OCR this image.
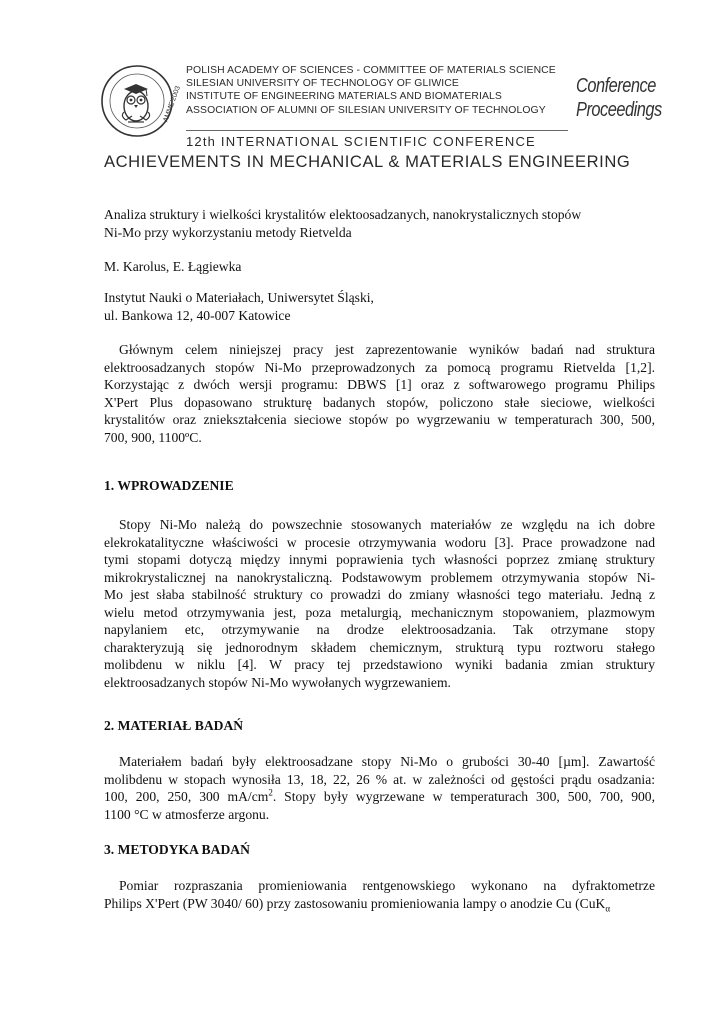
AMME'2003
POLISH ACADEMY OF SCIENCES - COMMITTEE OF MATERIALS SCIENCE
SILESIAN UNIVERSITY OF TECHNOLOGY OF GLIWICE
INSTITUTE OF ENGINEERING MATERIALS AND BIOMATERIALS
ASSOCIATION OF ALUMNI OF SILESIAN UNIVERSITY OF TECHNOLOGY
Conference
Proceedings
12th INTERNATIONAL SCIENTIFIC CONFERENCE
ACHIEVEMENTS IN MECHANICAL & MATERIALS ENGINEERING
Analiza struktury i wielkości krystalitów elektoosadzanych, nanokrystalicznych stopów
Ni-Mo przy wykorzystaniu metody Rietvelda
M. Karolus, E. Łągiewka
Instytut Nauki o Materiałach, Uniwersytet Śląski,
ul. Bankowa 12, 40-007 Katowice
Głównym celem niniejszej pracy jest zaprezentowanie wyników badań nad struktura
elektroosadzanych stopów Ni-Mo przeprowadzonych za pomocą programu Rietvelda [1,2].
Korzystając z dwóch wersji programu: DBWS [1] oraz z softwarowego programu Philips
X'Pert Plus dopasowano strukturę badanych stopów, policzono stałe sieciowe, wielkości
krystalitów oraz zniekształcenia sieciowe stopów po wygrzewaniu w temperaturach 300, 500,
700, 900, 1100ºC.
1. WPROWADZENIE
Stopy Ni-Mo należą do powszechnie stosowanych materiałów ze względu na ich dobre
elekrokatalityczne właściwości w procesie otrzymywania wodoru [3]. Prace prowadzone nad
tymi stopami dotyczą między innymi poprawienia tych własności poprzez zmianę struktury
mikrokrystalicznej na nanokrystaliczną. Podstawowym problemem otrzymywania stopów Ni-
Mo jest słaba stabilność struktury co prowadzi do zmiany własności tego materiału. Jedną z
wielu metod otrzymywania jest, poza metalurgią, mechanicznym stopowaniem, plazmowym
napylaniem etc, otrzymywanie na drodze elektroosadzania. Tak otrzymane stopy
charakteryzują się jednorodnym składem chemicznym, strukturą typu roztworu stałego
molibdenu w niklu [4]. W pracy tej przedstawiono wyniki badania zmian struktury
elektroosadzanych stopów Ni-Mo wywołanych wygrzewaniem.
2. MATERIAŁ BADAŃ
Materiałem badań były elektroosadzane stopy Ni-Mo o grubości 30-40 [µm]. Zawartość
molibdenu w stopach wynosiła 13, 18, 22, 26 % at. w zależności od gęstości prądu osadzania:
100, 200, 250, 300 $mA/cm^2$. Stopy były wygrzewane w temperaturach 300, 500, 700, 900,
1100 °C w atmosferze argonu.
3. METODYKA BADAŃ
Pomiar rozpraszania promieniowania rentgenowskiego wykonano na dyfraktometrze
Philips X'Pert (PW 3040/ 60) przy zastosowaniu promieniowania lampy o anodzie Cu (CuK$_\alpha$
